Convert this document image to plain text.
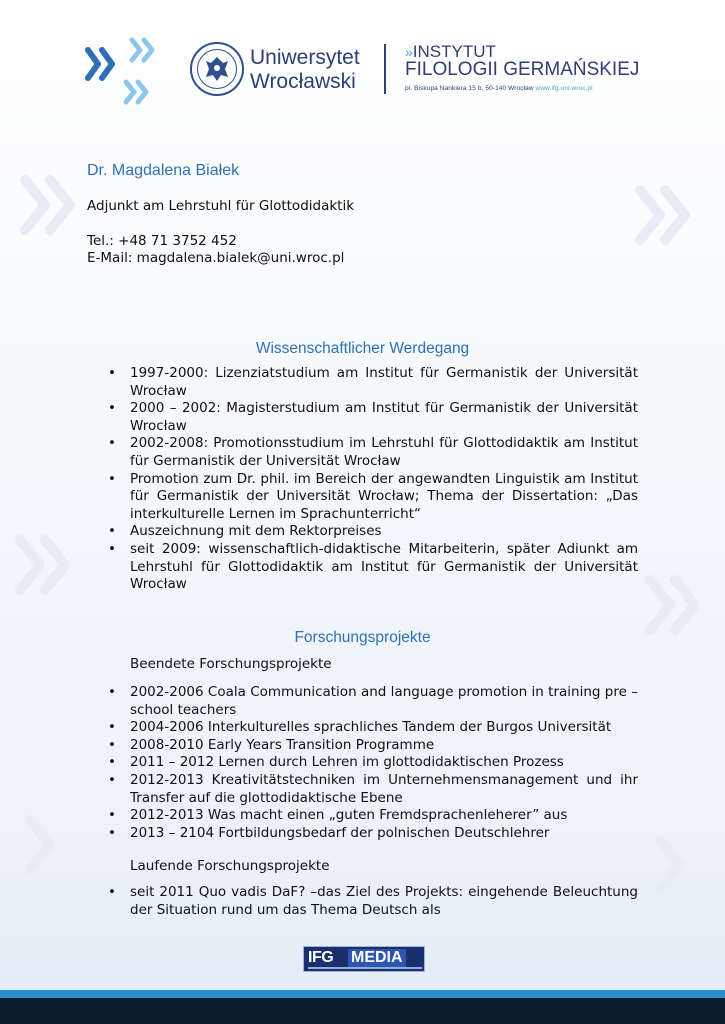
Uniwersytet
Wrocławski
»INSTYTUT
FILOLOGII GERMAŃSKIEJ
pl. Biskupa Nankiera 15 b, 50-140 Wrocław www.ifg.uni.wroc.pl
Dr. Magdalena Białek
Adjunkt am Lehrstuhl für Glottodidaktik
Tel.: +48 71 3752 452
E-Mail: magdalena.bialek@uni.wroc.pl
Wissenschaftlicher Werdegang
• 1997-2000: Lizenziatstudium am Institut für Germanistik der Universität Wrocław
• 2000 – 2002: Magisterstudium am Institut für Germanistik der Universität Wrocław
• 2002-2008: Promotionsstudium im Lehrstuhl für Glottodidaktik am Institut für Germanistik der Universität Wrocław
• Promotion zum Dr. phil. im Bereich der angewandten Linguistik am Institut für Germanistik der Universität Wrocław; Thema der Dissertation: „Das interkulturelle Lernen im Sprachunterricht“
• Auszeichnung mit dem Rektorpreises
• seit 2009: wissenschaftlich-didaktische Mitarbeiterin, später Adiunkt am Lehrstuhl für Glottodidaktik am Institut für Germanistik der Universität Wrocław
Forschungsprojekte
Beendete Forschungsprojekte
• 2002-2006 Coala Communication and language promotion in training pre – school teachers
• 2004-2006 Interkulturelles sprachliches Tandem der Burgos Universität
• 2008-2010 Early Years Transition Programme
• 2011 – 2012 Lernen durch Lehren im glottodidaktischen Prozess
• 2012-2013 Kreativitätstechniken im Unternehmensmanagement und ihr Transfer auf die glottodidaktische Ebene
• 2012-2013 Was macht einen „guten Fremdsprachenleherer” aus
• 2013 – 2104 Fortbildungsbedarf der polnischen Deutschlehrer
Laufende Forschungsprojekte
• seit 2011 Quo vadis DaF? –das Ziel des Projekts: eingehende Beleuchtung der Situation rund um das Thema Deutsch als
IFG MEDIA
